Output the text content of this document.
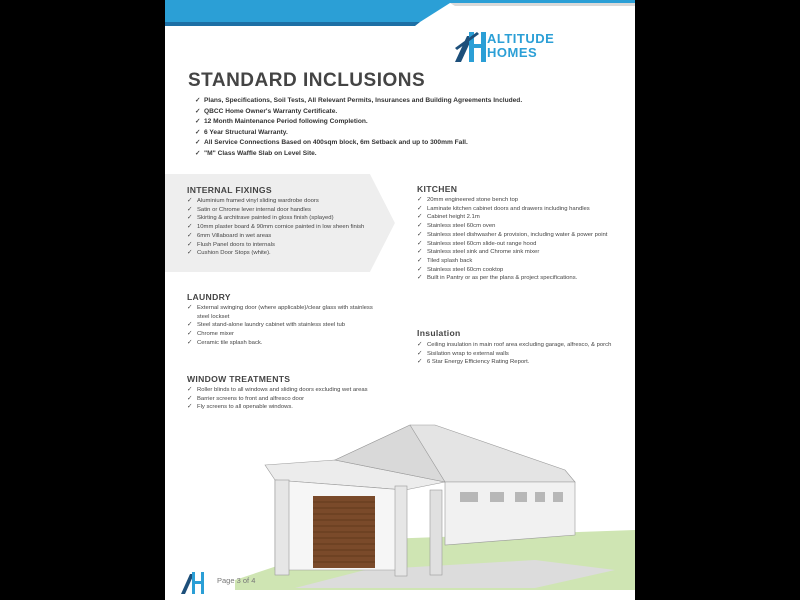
ALTITUDE
HOMES
STANDARD INCLUSIONS
✓ Plans, Specifications, Soil Tests, All Relevant Permits, Insurances and Building Agreements Included.
✓ QBCC Home Owner's Warranty Certificate.
✓ 12 Month Maintenance Period following Completion.
✓ 6 Year Structural Warranty.
✓ All Service Connections Based on 400sqm block, 6m Setback and up to 300mm Fall.
✓ "M" Class Waffle Slab on Level Site.
INTERNAL FIXINGS
✓ Aluminium framed vinyl sliding wardrobe doors
✓ Satin or Chrome lever internal door handles
✓ Skirting & architrave painted in gloss finish (splayed)
✓ 10mm plaster board & 90mm cornice painted in low sheen finish
✓ 6mm Villaboard in wet areas
✓ Flush Panel doors to internals
✓ Cushion Door Stops (white).
LAUNDRY
✓ External swinging door (where applicable)/clear glass with stainless steel lockset
✓ Steel stand-alone laundry cabinet with stainless steel tub
✓ Chrome mixer
✓ Ceramic tile splash back.
WINDOW TREATMENTS
✓ Roller blinds to all windows and sliding doors excluding wet areas
✓ Barrier screens to front and alfresco door
✓ Fly screens to all openable windows.
KITCHEN
✓ 20mm engineered stone bench top
✓ Laminate kitchen cabinet doors and drawers including handles
✓ Cabinet height 2.1m
✓ Stainless steel 60cm oven
✓ Stainless steel dishwasher & provision, including water & power point
✓ Stainless steel 60cm slide-out range hood
✓ Stainless steel sink and Chrome sink mixer
✓ Tiled splash back
✓ Stainless steel 60cm cooktop
✓ Built in Pantry or as per the plans & project specifications.
Insulation
✓ Ceiling insulation in main roof area excluding garage, alfresco, & porch
✓ Sisilation wrap to external walls
✓ 6 Star Energy Efficiency Rating Report.
Page 3 of 4
